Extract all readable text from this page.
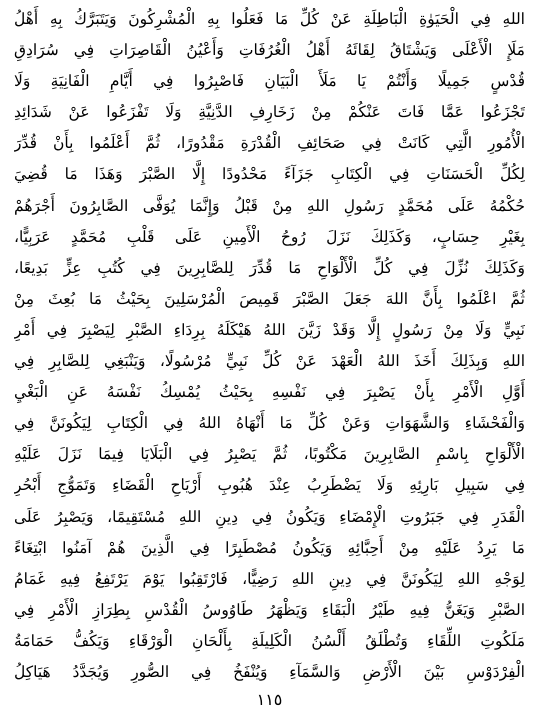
اللهِ فِي الْحَيَوٰةِ الْبَاطِلَةِ عَنْ كُلِّ مَا فَعَلُوا بِهِ الْمُشْرِكُونَ وَيَتَبَرَّكُ بِهِ أَهْلُ
مَلَإِ الْأَعْلَى وَيَشْتَاقُ لِقَائَهُ أَهْلُ الْغُرُفَاتِ وَأَعْيُنُ الْقَاصِرَاتِ فِي سُرَادِقِ
قُدْسٍ جَمِيلًا وَأَنْتُمْ يَا مَلَأَ الْبَيَانِ فَاصْبِرُوا فِي أَيَّامِ الْفَانِيَةِ وَلَا
تَجْزَعُوا عَمَّا فَاتَ عَنْكُمْ مِنْ زَخَارِفِ الدَّنِيَّةِ وَلَا تَفْزَعُوا عَنْ شَدَائِدِ
الْأُمُورِ الَّتِي كَانَتْ فِي صَحَائِفِ الْقُدْرَةِ مَقْدُورًا، ثُمَّ أَعْلَمُوا بِأَنْ قُدِّرَ
لِكُلِّ الْحَسَنَاتِ فِي الْكِتَابِ جَزَآءً مَحْدُودًا إِلَّا الصَّبْرَ وَهَذَا مَا قُضِيَ
حُكْمُهُ عَلَى مُحَمَّدٍ رَسُولِ اللهِ مِنْ قَبْلُ وَإِنَّمَا يُوَفَّى الصَّابِرُونَ أَجْرَهُمْ
بِغَيْرِ حِسَابٍ، وَكَذَلِكَ نَزَلَ رُوحُ الْأَمِينِ عَلَى قَلْبِ مُحَمَّدٍ عَرَبِيًّا،
وَكَذَلِكَ نُزِّلَ فِي كُلِّ الْأَلْوَاحِ مَا قُدِّرَ لِلصَّابِرِينَ فِي كُتُبِ عِزٍّ بَدِيعًا،
ثُمَّ اعْلَمُوا بِأَنَّ اللهَ جَعَلَ الصَّبْرَ قَمِيصَ الْمُرْسَلِينَ بِحَيْثُ مَا بُعِثَ مِنْ
نَبِيٍّ وَلَا مِنْ رَسُولٍ إِلَّا وَقَدْ زَيَّنَ اللهُ هَيْكَلَهُ بِرِدَاءِ الصَّبْرِ لِيَصْبِرَ فِي أَمْرِ
اللهِ وَبِذَلِكَ أَخَذَ اللهُ الْعَهْدَ عَنْ كُلِّ نَبِيٍّ مُرْسُولًا، وَيَنْبَغِي لِلصَّابِرِ فِي
أَوَّلِ الْأَمْرِ بِأَنْ يَصْبِرَ فِي نَفْسِهِ بِحَيْثُ يُمْسِكُ نَفْسَهُ عَنِ الْبَغْيِ
وَالْفَحْشَاءِ وَالشَّهَوَاتِ وَعَنْ كُلِّ مَا أَنْهَاهُ اللهُ فِي الْكِتَابِ لِيَكُونَنَّ فِي
الْأَلْوَاحِ بِاسْمِ الصَّابِرِينَ مَكْتُوبًا، ثُمَّ يَصْبِرُ فِي الْبَلَايَا فِيمَا نَزَلَ عَلَيْهِ
فِي سَبِيلِ بَارِئِهِ وَلَا يَضْطَرِبُ عِنْدَ هُبُوبِ أَرْيَاحِ الْقَضَاءِ وَتَمَوُّجِ أَبْحُرِ
الْقَدَرِ فِي جَبَرُوتِ الْإِمْضَاءِ وَيَكُونُ فِي دِينِ اللهِ مُسْتَقِيمًا، وَيَصْبِرُ عَلَى
مَا يَرِدُ عَلَيْهِ مِنْ أَحِبَّائِهِ وَيَكُونُ مُصْطَبِرًا فِي الَّذِينَ هُمْ آمَنُوا ابْتِغَاءً
لِوَجْهِ اللهِ لِيَكُونَنَّ فِي دِينِ اللهِ رَضِيًّا، فَارْتَقِبُوا يَوْمَ يَرْتَفِعُ فِيهِ غَمَامُ
الصَّبْرِ وَيَغَنُّ فِيهِ طَيْرُ الْبَقَاءِ وَيَظْهَرُ طَاوُوسُ الْقُدْسِ بِطِرَازِ الْأَمْرِ فِي
مَلَكُوتِ اللِّقَاءِ وَتُطْلَقُ أَلْسُنُ الْكَلِيلَةِ بِأَلْحَانِ الْوَرْقَاءِ وَيَكُفُّ حَمَامَةُ
الْفِرْدَوْسِ بَيْنَ الْأَرْضِ وَالسَّمَآءِ وَيُنْفَخُ فِي الصُّورِ وَيُجَدَّدُ هَيَاكِلُ
١١٥
